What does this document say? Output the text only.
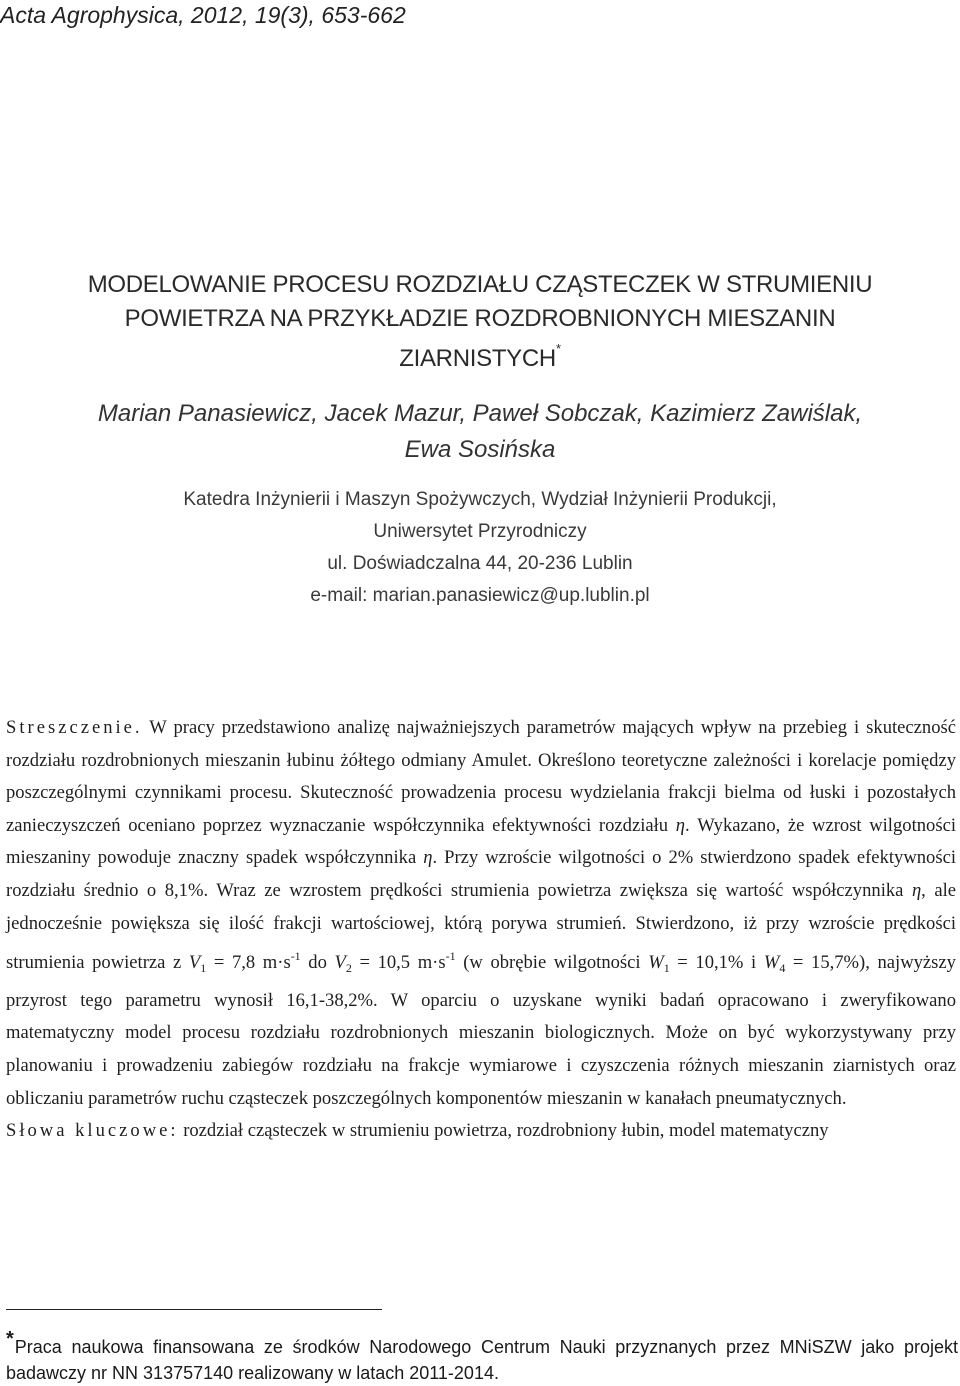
Acta Agrophysica, 2012, 19(3), 653-662
MODELOWANIE PROCESU ROZDZIAŁU CZĄSTECZEK W STRUMIENIU
POWIETRZA NA PRZYKŁADZIE ROZDROBNIONYCH MIESZANIN
ZIARNISTYCH*
Marian Panasiewicz, Jacek Mazur, Paweł Sobczak, Kazimierz Zawiślak,
Ewa Sosińska
Katedra Inżynierii i Maszyn Spożywczych, Wydział Inżynierii Produkcji,
Uniwersytet Przyrodniczy
ul. Doświadczalna 44, 20-236 Lublin
e-mail: marian.panasiewicz@up.lublin.pl

Streszczenie. W pracy przedstawiono analizę najważniejszych parametrów mających wpływ na przebieg i skuteczność rozdziału rozdrobnionych mieszanin łubinu żółtego odmiany Amulet. Określono teoretyczne zależności i korelacje pomiędzy poszczególnymi czynnikami procesu. Skuteczność prowadzenia procesu wydzielania frakcji bielma od łuski i pozostałych zanieczyszczeń oceniano poprzez wyznaczanie współczynnika efektywności rozdziału η. Wykazano, że wzrost wilgotności mieszaniny powoduje znaczny spadek współczynnika η. Przy wzroście wilgotności o 2% stwierdzono spadek efektywności rozdziału średnio o 8,1%. Wraz ze wzrostem prędkości strumienia powietrza zwiększa się wartość współczynnika η, ale jednocześnie powiększa się ilość frakcji wartościowej, którą porywa strumień. Stwierdzono, iż przy wzroście prędkości strumienia powietrza z $V_1 = 7,8$ $m\cdot s^{-1}$ do $V_2 = 10,5$ $m\cdot s^{-1}$ (w obrębie wilgotności $W_1 = 10,1\%$ i $W_4 = 15,7\%$), najwyższy przyrost tego parametru wynosił 16,1-38,2%. W oparciu o uzyskane wyniki badań opracowano i zweryfikowano matematyczny model procesu rozdziału rozdrobnionych mieszanin biologicznych. Może on być wykorzystywany przy planowaniu i prowadzeniu zabiegów rozdziału na frakcje wymiarowe i czyszczenia różnych mieszanin ziarnistych oraz obliczaniu parametrów ruchu cząsteczek poszczególnych komponentów mieszanin w kanałach pneumatycznych.

Słowa kluczowe: rozdział cząsteczek w strumieniu powietrza, rozdrobniony łubin, model matematyczny

*Praca naukowa finansowana ze środków Narodowego Centrum Nauki przyznanych przez MNiSZW jako projekt badawczy nr NN 313757140 realizowany w latach 2011-2014.
